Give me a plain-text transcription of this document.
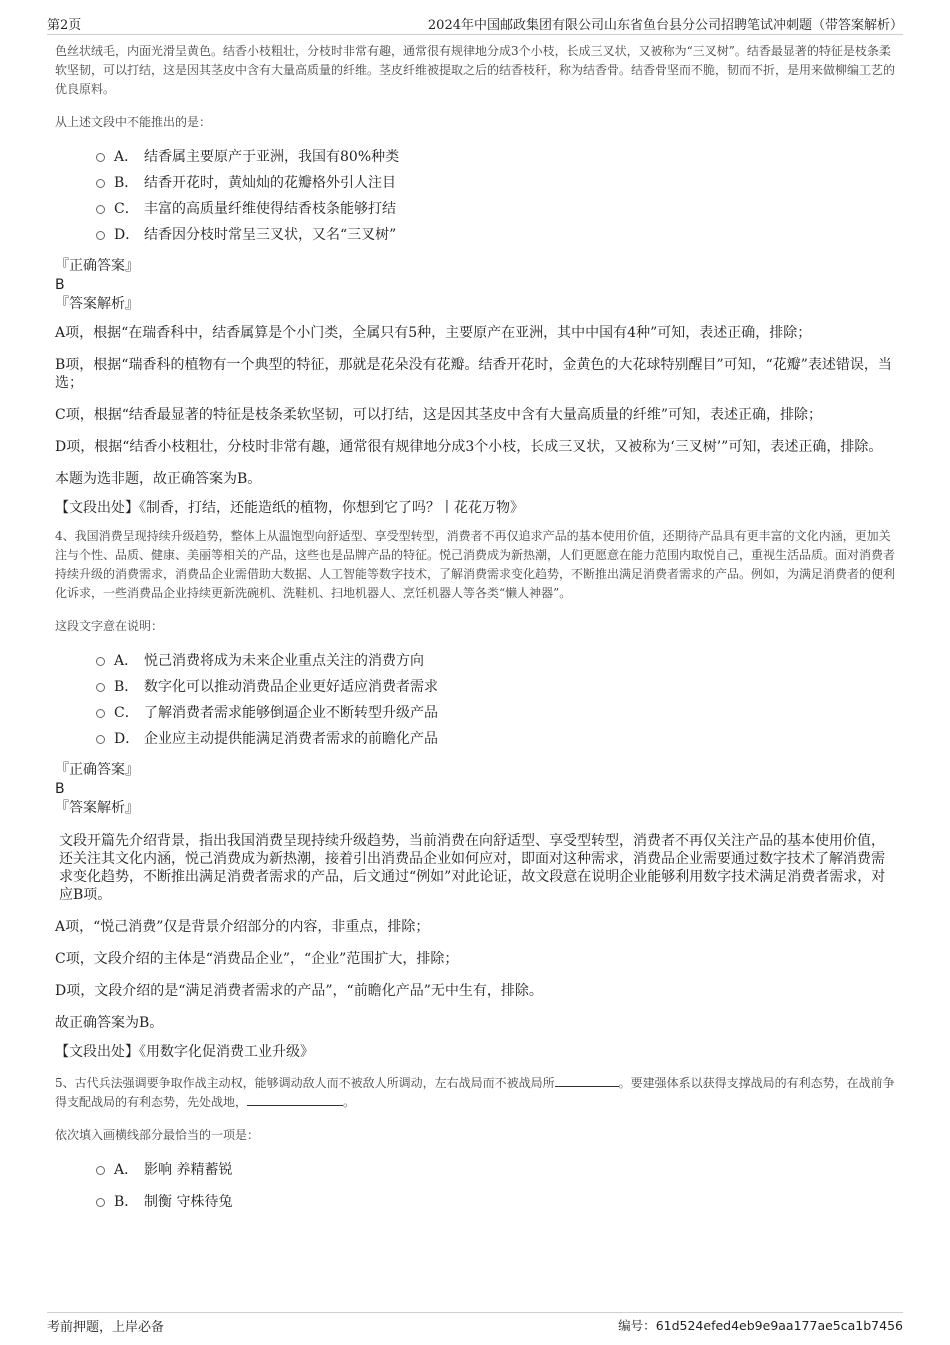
第2页	2024年中国邮政集团有限公司山东省鱼台县分公司招聘笔试冲刺题（带答案解析）

色丝状绒毛，内面光滑呈黄色。结香小枝粗壮，分枝时非常有趣，通常很有规律地分成3个小枝，长成三叉状，又被称为“三叉树”。结香最显著的特征是枝条柔软坚韧，可以打结，这是因其茎皮中含有大量高质量的纤维。茎皮纤维被提取之后的结香枝秆，称为结香骨。结香骨坚而不脆，韧而不折，是用来做柳编工艺的优良原料。

从上述文段中不能推出的是：

A． 结香属主要原产于亚洲，我国有80%种类
B． 结香开花时，黄灿灿的花瓣格外引人注目
C． 丰富的高质量纤维使得结香枝条能够打结
D． 结香因分枝时常呈三叉状，又名“三叉树”

『正确答案』

B

『答案解析』

A项，根据“在瑞香科中，结香属算是个小门类，全属只有5种，主要原产在亚洲，其中中国有4种”可知，表述正确，排除；

B项，根据“瑞香科的植物有一个典型的特征，那就是花朵没有花瓣。结香开花时，金黄色的大花球特别醒目”可知，“花瓣”表述错误，当选；

C项，根据“结香最显著的特征是枝条柔软坚韧，可以打结，这是因其茎皮中含有大量高质量的纤维”可知，表述正确，排除；

D项，根据“结香小枝粗壮，分枝时非常有趣，通常很有规律地分成3个小枝，长成三叉状，又被称为‘三叉树’”可知，表述正确，排除。

本题为选非题，故正确答案为B。

【文段出处】《制香，打结，还能造纸的植物，你想到它了吗？丨花花万物》

4、我国消费呈现持续升级趋势，整体上从温饱型向舒适型、享受型转型，消费者不再仅追求产品的基本使用价值，还期待产品具有更丰富的文化内涵，更加关注与个性、品质、健康、美丽等相关的产品，这些也是品牌产品的特征。悦己消费成为新热潮，人们更愿意在能力范围内取悦自己，重视生活品质。面对消费者持续升级的消费需求，消费品企业需借助大数据、人工智能等数字技术，了解消费需求变化趋势，不断推出满足消费者需求的产品。例如，为满足消费者的便利化诉求，一些消费品企业持续更新洗碗机、洗鞋机、扫地机器人、烹饪机器人等各类“懒人神器”。

这段文字意在说明：

A． 悦己消费将成为未来企业重点关注的消费方向
B． 数字化可以推动消费品企业更好适应消费者需求
C． 了解消费者需求能够倒逼企业不断转型升级产品
D． 企业应主动提供能满足消费者需求的前瞻化产品

『正确答案』

B

『答案解析』

文段开篇先介绍背景，指出我国消费呈现持续升级趋势，当前消费在向舒适型、享受型转型，消费者不再仅关注产品的基本使用价值，还关注其文化内涵，悦己消费成为新热潮，接着引出消费品企业如何应对，即面对这种需求，消费品企业需要通过数字技术了解消费需求变化趋势，不断推出满足消费者需求的产品，后文通过“例如”对此论证，故文段意在说明企业能够利用数字技术满足消费者需求，对应B项。

A项，“悦己消费”仅是背景介绍部分的内容，非重点，排除；

C项，文段介绍的主体是“消费品企业”，“企业”范围扩大，排除；

D项，文段介绍的是“满足消费者需求的产品”，“前瞻化产品”无中生有，排除。

故正确答案为B。

【文段出处】《用数字化促消费工业升级》

5、古代兵法强调要争取作战主动权，能够调动敌人而不被敌人所调动，左右战局而不被战局所	。要建强体系以获得支撑战局的有利态势，在战前争得支配战局的有利态势，先处战地，	。

依次填入画横线部分最恰当的一项是：

A． 影响 养精蓄锐
B． 制衡 守株待兔
考前押题，上岸必备	编号：61d524efed4eb9e9aa177ae5ca1b7456
